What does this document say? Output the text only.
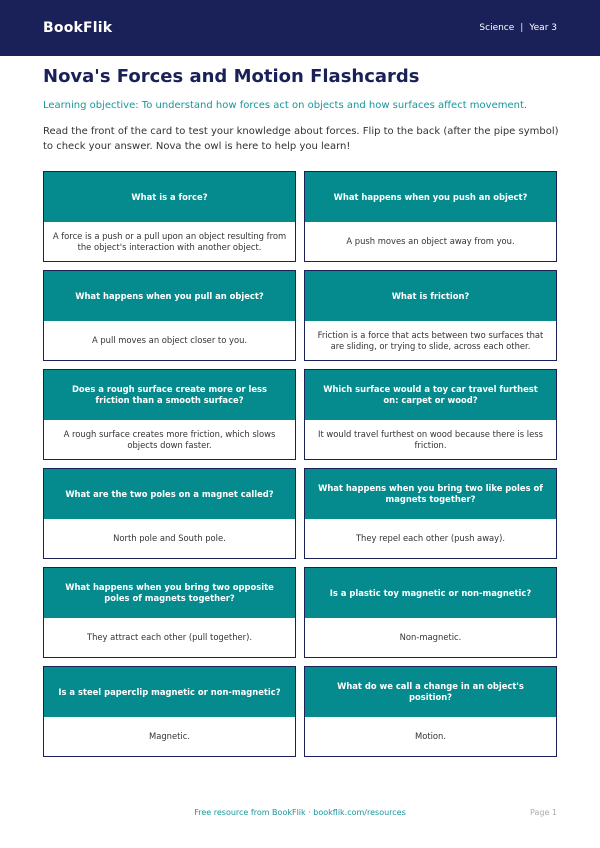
BookFlik	Science | Year 3
Nova's Forces and Motion Flashcards

Learning objective: To understand how forces act on objects and how surfaces affect movement.

Read the front of the card to test your knowledge about forces. Flip to the back (after the pipe symbol) to check your answer. Nova the owl is here to help you learn!

What is a force?
A force is a push or a pull upon an object resulting from the object's interaction with another object.
What happens when you push an object?
A push moves an object away from you.
What happens when you pull an object?
A pull moves an object closer to you.
What is friction?
Friction is a force that acts between two surfaces that are sliding, or trying to slide, across each other.
Does a rough surface create more or less friction than a smooth surface?
A rough surface creates more friction, which slows objects down faster.
Which surface would a toy car travel furthest on: carpet or wood?
It would travel furthest on wood because there is less friction.
What are the two poles on a magnet called?
North pole and South pole.
What happens when you bring two like poles of magnets together?
They repel each other (push away).
What happens when you bring two opposite poles of magnets together?
They attract each other (pull together).
Is a plastic toy magnetic or non-magnetic?
Non-magnetic.
Is a steel paperclip magnetic or non-magnetic?
Magnetic.
What do we call a change in an object's position?
Motion.
Free resource from BookFlik · bookflik.com/resources	Page 1
